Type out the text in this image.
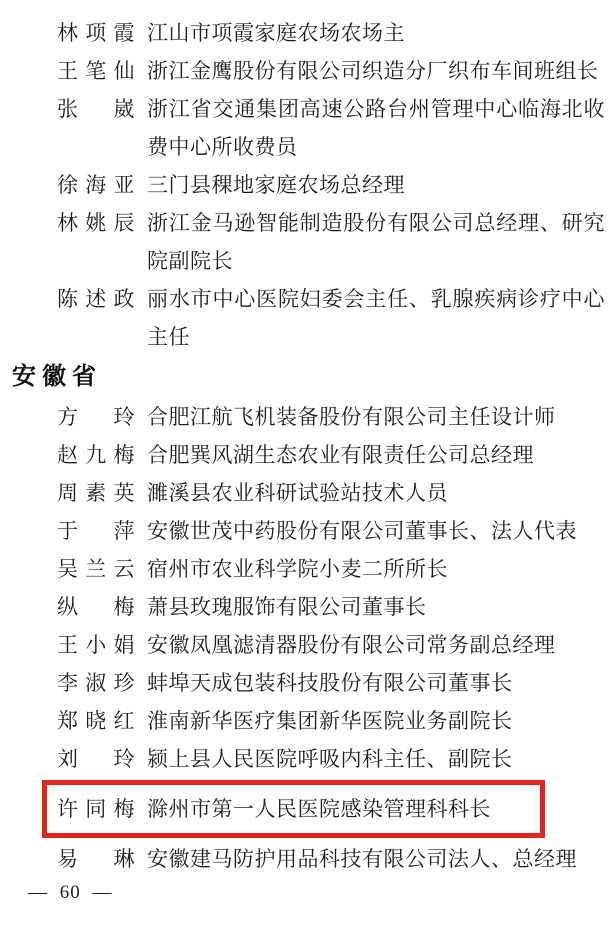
林项霞 江山市项霞家庭农场农场主
王笔仙 浙江金鹰股份有限公司织造分厂织布车间班组长
张崴 浙江省交通集团高速公路台州管理中心临海北收费中心所收费员
徐海亚 三门县稞地家庭农场总经理
林姚辰 浙江金马逊智能制造股份有限公司总经理、研究院副院长
陈述政 丽水市中心医院妇委会主任、乳腺疾病诊疗中心主任
安徽省
方玲 合肥江航飞机装备股份有限公司主任设计师
赵九梅 合肥巽风湖生态农业有限责任公司总经理
周素英 濉溪县农业科研试验站技术人员
于萍 安徽世茂中药股份有限公司董事长、法人代表
吴兰云 宿州市农业科学院小麦二所所长
纵梅 萧县玫瑰服饰有限公司董事长
王小娟 安徽凤凰滤清器股份有限公司常务副总经理
李淑珍 蚌埠天成包装科技股份有限公司董事长
郑晓红 淮南新华医疗集团新华医院业务副院长
刘玲 颍上县人民医院呼吸内科主任、副院长
许同梅 滁州市第一人民医院感染管理科科长
易琳 安徽建马防护用品科技有限公司法人、总经理
— 60 —
